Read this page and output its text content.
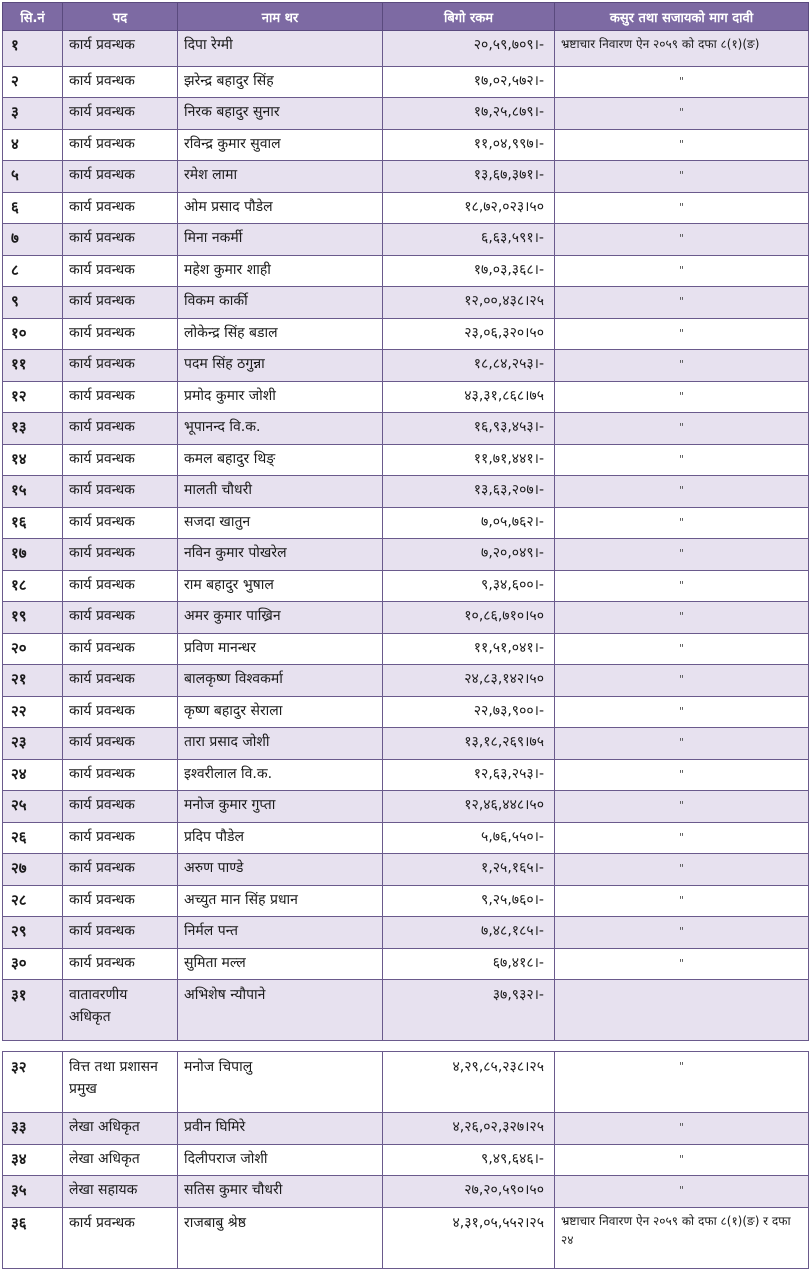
सि.नं	पद	नाम थर	बिगो रकम	कसुर तथा सजायको माग दावी
१	कार्य प्रवन्धक	दिपा रेग्मी	२०,५९,७०९।-	भ्रष्टाचार निवारण ऐन २०५९ को दफा ८(१)(ङ)
२	कार्य प्रवन्धक	झरेन्द्र बहादुर सिंह	१७,०२,५७२।-	"
३	कार्य प्रवन्धक	निरक बहादुर सुनार	१७,२५,८७९।-	"
४	कार्य प्रवन्धक	रविन्द्र कुमार सुवाल	११,०४,९९७।-	"
५	कार्य प्रवन्धक	रमेश लामा	१३,६७,३७१।-	"
६	कार्य प्रवन्धक	ओम प्रसाद पौडेल	१८,७२,०२३।५०	"
७	कार्य प्रवन्धक	मिना नकर्मी	६,६३,५९१।-	"
८	कार्य प्रवन्धक	महेश कुमार शाही	१७,०३,३६८।-	"
९	कार्य प्रवन्धक	विकम कार्की	१२,००,४३८।२५	"
१०	कार्य प्रवन्धक	लोकेन्द्र सिंह बडाल	२३,०६,३२०।५०	"
११	कार्य प्रवन्धक	पदम सिंह ठगुन्ना	१८,८४,२५३।-	"
१२	कार्य प्रवन्धक	प्रमोद कुमार जोशी	४३,३१,८६८।७५	"
१३	कार्य प्रवन्धक	भूपानन्द वि.क.	१६,९३,४५३।-	"
१४	कार्य प्रवन्धक	कमल बहादुर थिङ्	११,७१,४४१।-	"
१५	कार्य प्रवन्धक	मालती चौधरी	१३,६३,२०७।-	"
१६	कार्य प्रवन्धक	सजदा खातुन	७,०५,७६२।-	"
१७	कार्य प्रवन्धक	नविन कुमार पोखरेल	७,२०,०४९।-	"
१८	कार्य प्रवन्धक	राम बहादुर भुषाल	९,३४,६००।-	"
१९	कार्य प्रवन्धक	अमर कुमार पाख्रिन	१०,८६,७१०।५०	"
२०	कार्य प्रवन्धक	प्रविण मानन्धर	११,५१,०४१।-	"
२१	कार्य प्रवन्धक	बालकृष्ण विश्वकर्मा	२४,८३,१४२।५०	"
२२	कार्य प्रवन्धक	कृष्ण बहादुर सेराला	२२,७३,९००।-	"
२३	कार्य प्रवन्धक	तारा प्रसाद जोशी	१३,१८,२६९।७५	"
२४	कार्य प्रवन्धक	इश्वरीलाल वि.क.	१२,६३,२५३।-	"
२५	कार्य प्रवन्धक	मनोज कुमार गुप्ता	१२,४६,४४८।५०	"
२६	कार्य प्रवन्धक	प्रदिप पौडेल	५,७६,५५०।-	"
२७	कार्य प्रवन्धक	अरुण पाण्डे	१,२५,१६५।-	"
२८	कार्य प्रवन्धक	अच्युत मान सिंह प्रधान	९,२५,७६०।-	"
२९	कार्य प्रवन्धक	निर्मल पन्त	७,४८,१८५।-	"
३०	कार्य प्रवन्धक	सुमिता मल्ल	६७,४१८।-	"
३१	वातावरणीय अधिकृत	अभिशेष न्यौपाने	३७,९३२।-	

३२	वित्त तथा प्रशासन प्रमुख	मनोज चिपालु	४,२९,८५,२३८।२५	"
३३	लेखा अधिकृत	प्रवीन घिमिरे	४,२६,०२,३२७।२५	"
३४	लेखा अधिकृत	दिलीपराज जोशी	९,४९,६४६।-	"
३५	लेखा सहायक	सतिस कुमार चौधरी	२७,२०,५९०।५०	"
३६	कार्य प्रवन्धक	राजबाबु श्रेष्ठ	४,३१,०५,५५२।२५	भ्रष्टाचार निवारण ऐन २०५९ को दफा ८(१)(ङ) र दफा २४
